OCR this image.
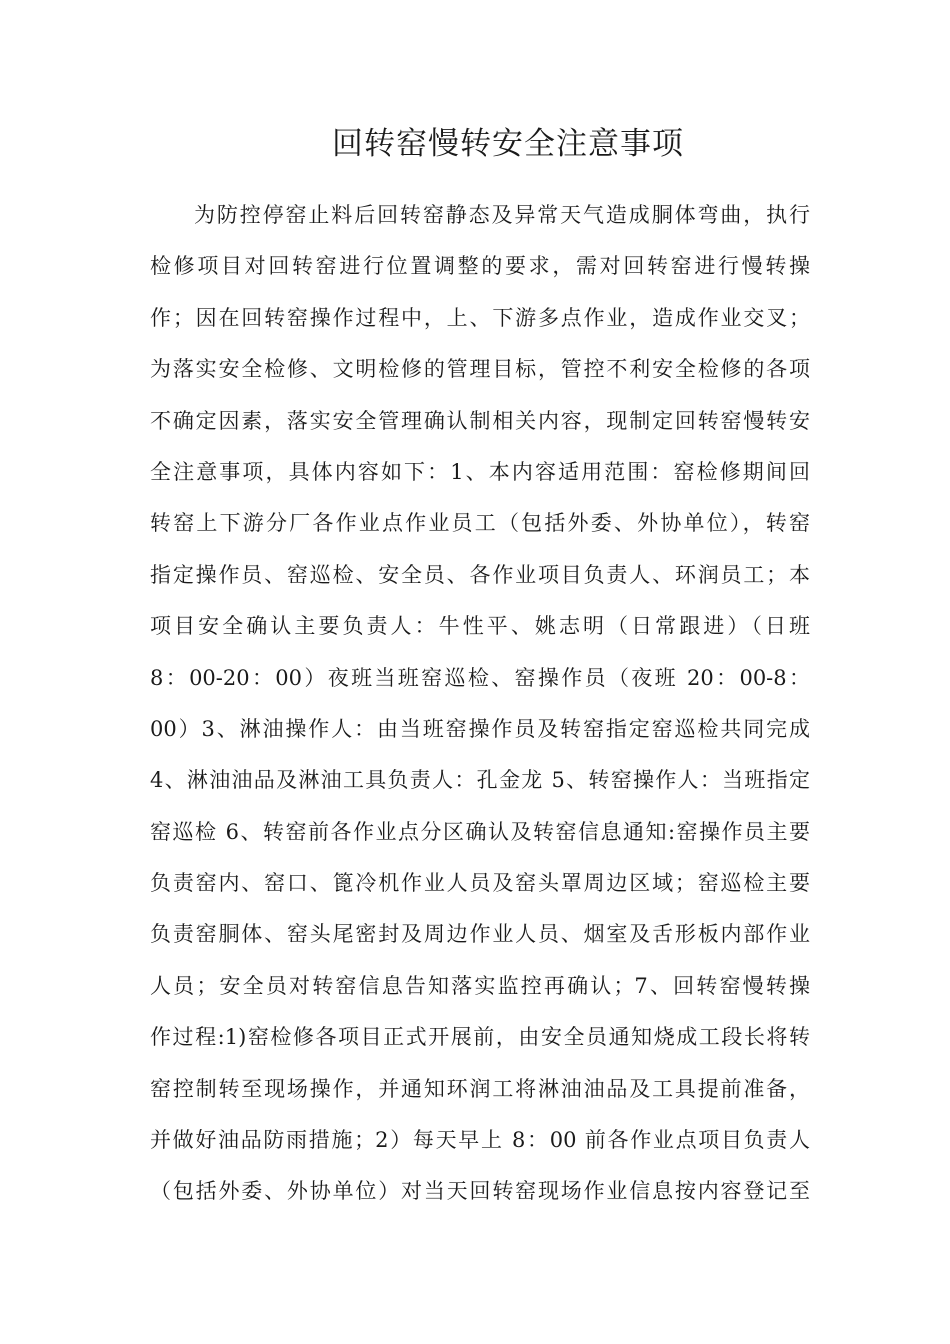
回转窑慢转安全注意事项
为防控停窑止料后回转窑静态及异常天气造成胴体弯曲，执行
检修项目对回转窑进行位置调整的要求，需对回转窑进行慢转操
作；因在回转窑操作过程中，上、下游多点作业，造成作业交叉；
为落实安全检修、文明检修的管理目标，管控不利安全检修的各项
不确定因素，落实安全管理确认制相关内容，现制定回转窑慢转安
全注意事项，具体内容如下：1、本内容适用范围：窑检修期间回
转窑上下游分厂各作业点作业员工（包括外委、外协单位），转窑
指定操作员、窑巡检、安全员、各作业项目负责人、环润员工；本
项目安全确认主要负责人：牛性平、姚志明（日常跟进）（日班
8：00-20：00）夜班当班窑巡检、窑操作员（夜班 20：00-8：
00）3、淋油操作人：由当班窑操作员及转窑指定窑巡检共同完成
4、淋油油品及淋油工具负责人：孔金龙 5、转窑操作人：当班指定
窑巡检 6、转窑前各作业点分区确认及转窑信息通知:窑操作员主要
负责窑内、窑口、篦冷机作业人员及窑头罩周边区域；窑巡检主要
负责窑胴体、窑头尾密封及周边作业人员、烟室及舌形板内部作业
人员；安全员对转窑信息告知落实监控再确认；7、回转窑慢转操
作过程:1)窑检修各项目正式开展前，由安全员通知烧成工段长将转
窑控制转至现场操作，并通知环润工将淋油油品及工具提前准备，
并做好油品防雨措施；2）每天早上 8：00 前各作业点项目负责人
（包括外委、外协单位）对当天回转窑现场作业信息按内容登记至
